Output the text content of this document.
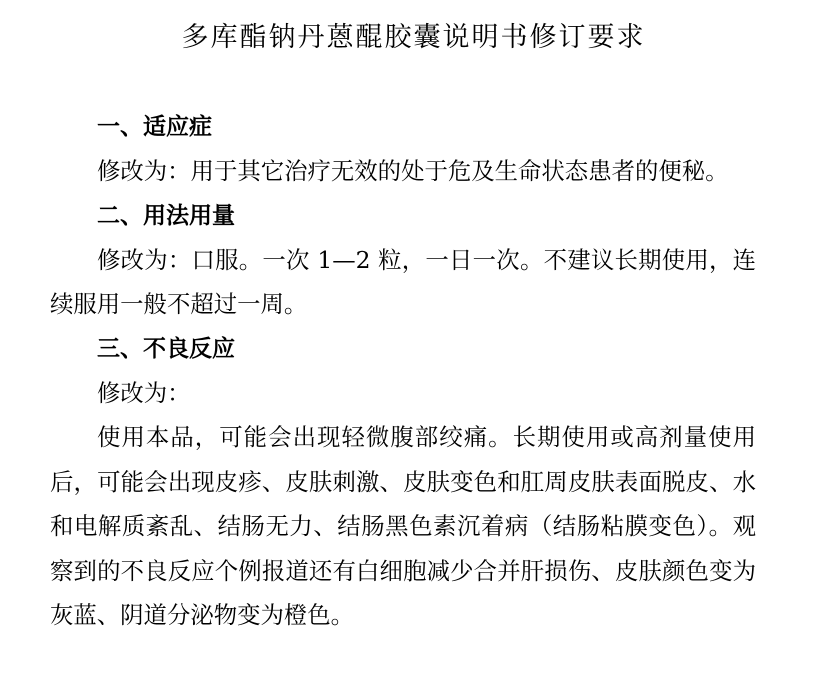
多库酯钠丹蒽醌胶囊说明书修订要求

一、适应症

修改为：用于其它治疗无效的处于危及生命状态患者的便秘。

二、用法用量

修改为：口服。一次 1—2 粒，一日一次。不建议长期使用，连续服用一般不超过一周。

三、不良反应

修改为：

使用本品，可能会出现轻微腹部绞痛。长期使用或高剂量使用后，可能会出现皮疹、皮肤刺激、皮肤变色和肛周皮肤表面脱皮、水和电解质紊乱、结肠无力、结肠黑色素沉着病（结肠粘膜变色）。观察到的不良反应个例报道还有白细胞减少合并肝损伤、皮肤颜色变为灰蓝、阴道分泌物变为橙色。
